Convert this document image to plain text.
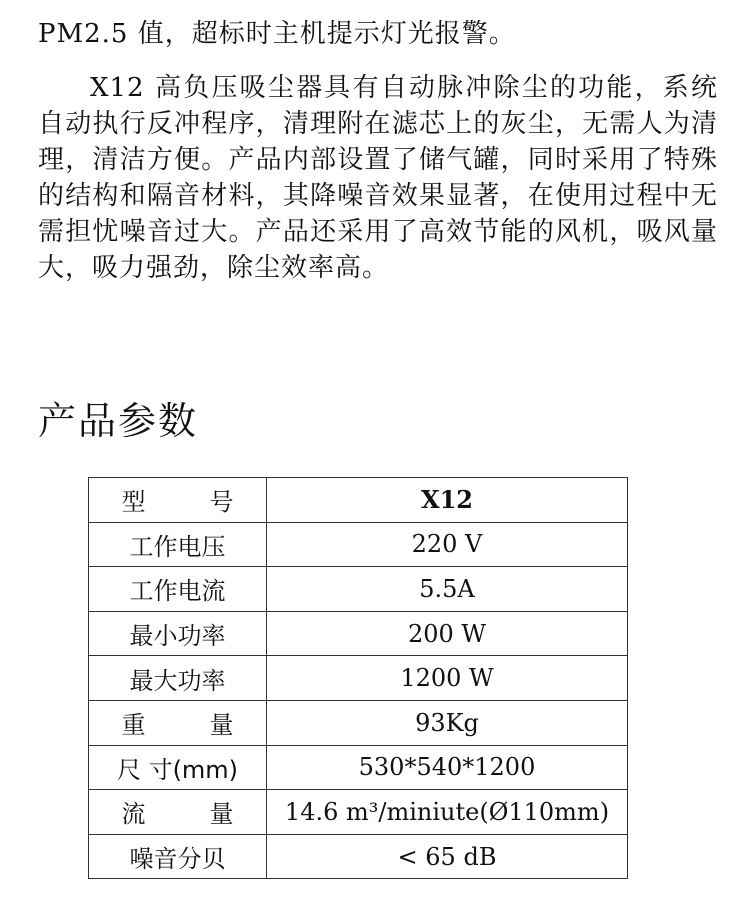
PM2.5 值，超标时主机提示灯光报警。

X12 高负压吸尘器具有自动脉冲除尘的功能，系统自动执行反冲程序，清理附在滤芯上的灰尘，无需人为清理，清洁方便。产品内部设置了储气罐，同时采用了特殊的结构和隔音材料，其降噪音效果显著，在使用过程中无需担忧噪音过大。产品还采用了高效节能的风机，吸风量大，吸力强劲，除尘效率高。

产品参数
型 号	X12
工作电压	220 V
工作电流	5.5A
最小功率	200 W
最大功率	1200 W

重 量	93Kg
尺 寸(mm)	530*540*1200

流 量	14.6 m³/miniute(Ø110mm)
噪音分贝	< 65 dB
